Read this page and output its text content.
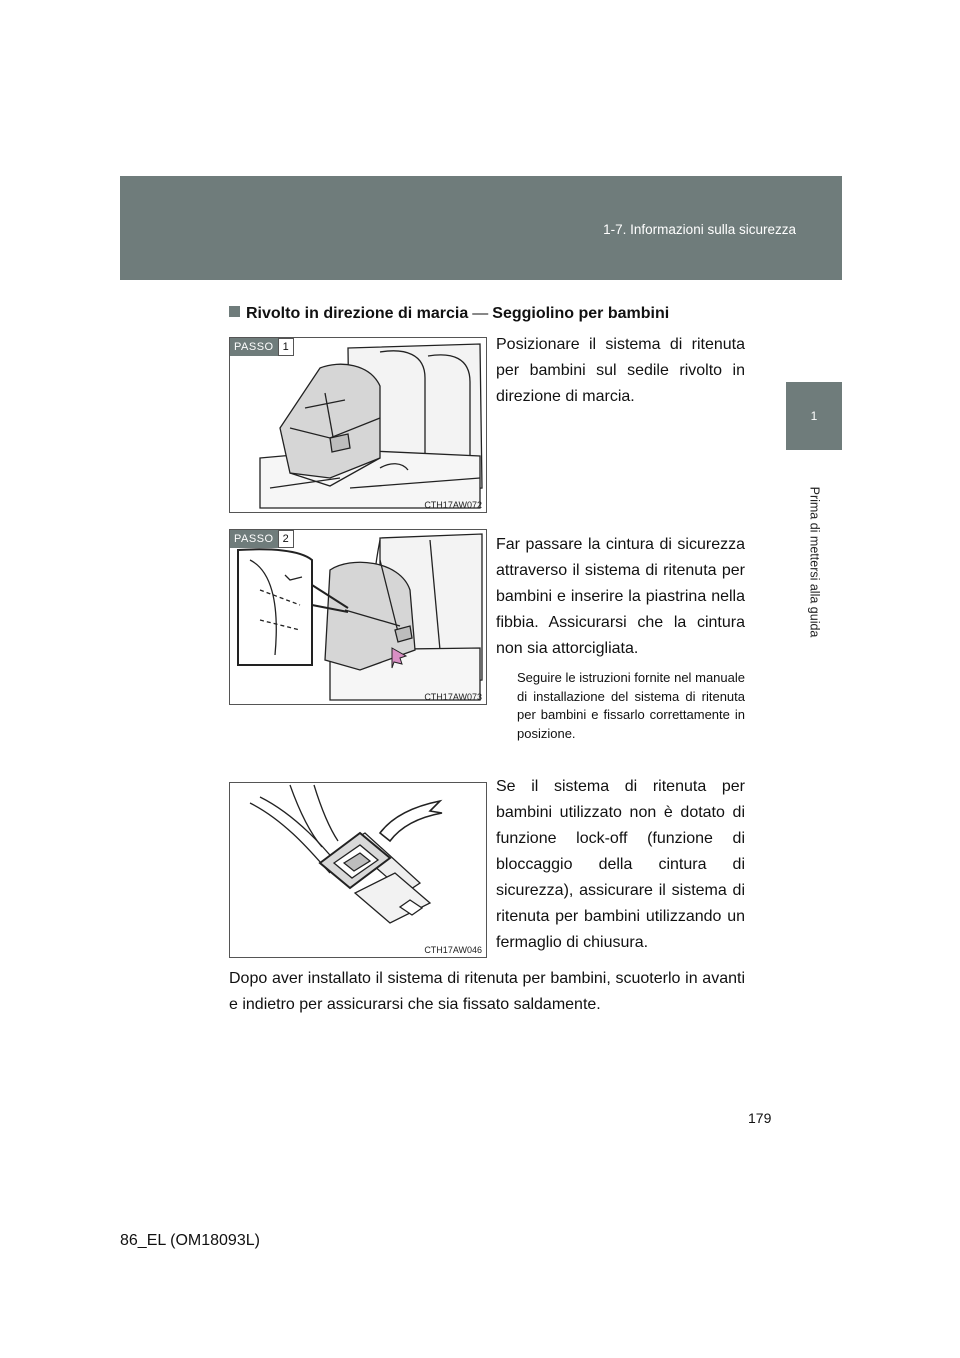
1-7. Informazioni sulla sicurezza
1
Prima di mettersi alla guida
Rivolto in direzione di marcia — Seggiolino per bambini
PASSO 1
CTH17AW072

Posizionare il sistema di ritenuta per bambini sul sedile rivolto in direzione di marcia.

PASSO 2
CTH17AW073

Far passare la cintura di sicurezza attraverso il sistema di ritenuta per bambini e inserire la piastrina nella fibbia. Assicurarsi che la cintura non sia attorcigliata.

Seguire le istruzioni fornite nel manuale di installazione del sistema di ritenuta per bambini e fissarlo correttamente in posizione.

CTH17AW046

Se il sistema di ritenuta per bambini utilizzato non è dotato di funzione lock-off (funzione di bloccaggio della cintura di sicurezza), assicurare il sistema di ritenuta per bambini utilizzando un fermaglio di chiusura.

Dopo aver installato il sistema di ritenuta per bambini, scuoterlo in avanti e indietro per assicurarsi che sia fissato saldamente.

179
86_EL (OM18093L)
